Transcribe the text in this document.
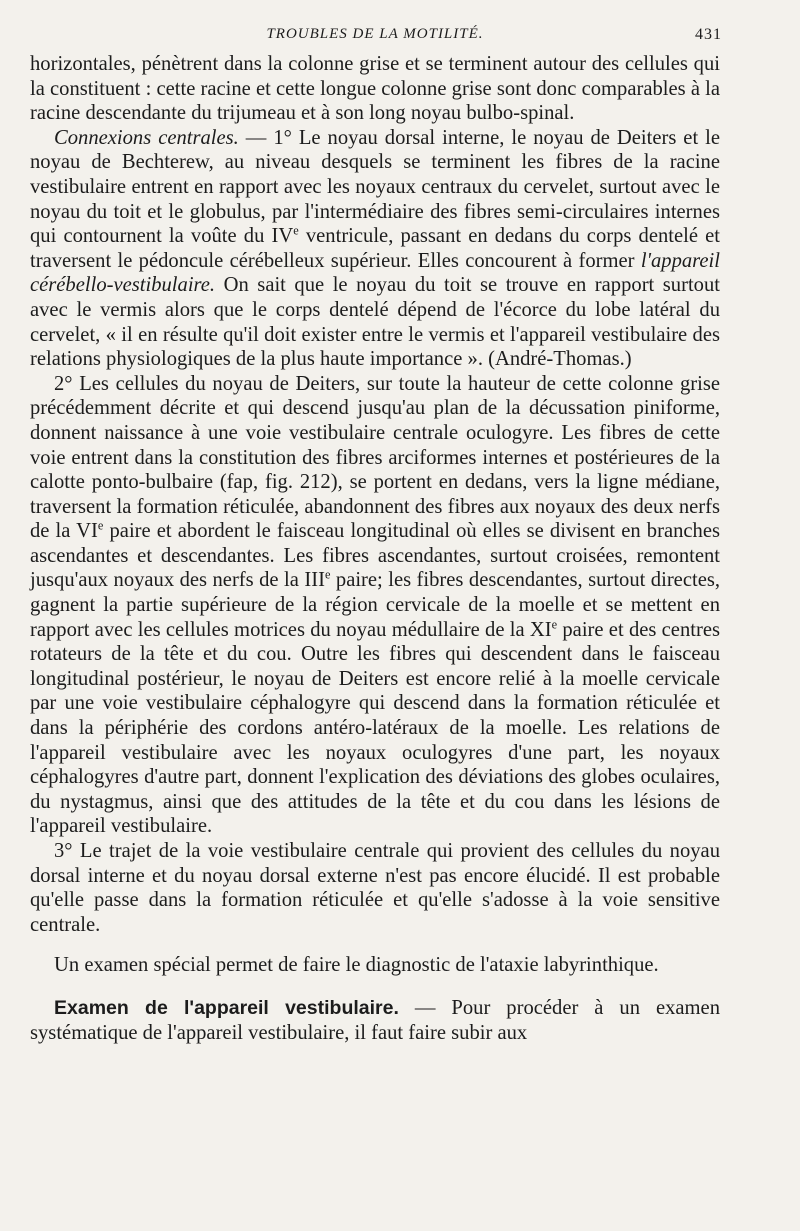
TROUBLES DE LA MOTILITÉ.	431

horizontales, pénètrent dans la colonne grise et se terminent autour des cellules qui la constituent : cette racine et cette longue colonne grise sont donc comparables à la racine descendante du trijumeau et à son long noyau bulbo-spinal.

Connexions centrales. — 1° Le noyau dorsal interne, le noyau de Deiters et le noyau de Bechterew, au niveau desquels se terminent les fibres de la racine vestibulaire entrent en rapport avec les noyaux centraux du cervelet, surtout avec le noyau du toit et le globulus, par l'intermédiaire des fibres semi-circulaires internes qui contournent la voûte du IVe ventricule, passant en dedans du corps dentelé et traversent le pédoncule cérébelleux supérieur. Elles concourent à former l'appareil cérébello-vestibulaire. On sait que le noyau du toit se trouve en rapport surtout avec le vermis alors que le corps dentelé dépend de l'écorce du lobe latéral du cervelet, « il en résulte qu'il doit exister entre le vermis et l'appareil vestibulaire des relations physiologiques de la plus haute importance ». (André-Thomas.)

2° Les cellules du noyau de Deiters, sur toute la hauteur de cette colonne grise précédemment décrite et qui descend jusqu'au plan de la décussation piniforme, donnent naissance à une voie vestibulaire centrale oculogyre. Les fibres de cette voie entrent dans la constitution des fibres arciformes internes et postérieures de la calotte ponto-bulbaire (fap, fig. 212), se portent en dedans, vers la ligne médiane, traversent la formation réticulée, abandonnent des fibres aux noyaux des deux nerfs de la VIe paire et abordent le faisceau longitudinal où elles se divisent en branches ascendantes et descendantes. Les fibres ascendantes, surtout croisées, remontent jusqu'aux noyaux des nerfs de la IIIe paire; les fibres descendantes, surtout directes, gagnent la partie supérieure de la région cervicale de la moelle et se mettent en rapport avec les cellules motrices du noyau médullaire de la XIe paire et des centres rotateurs de la tête et du cou. Outre les fibres qui descendent dans le faisceau longitudinal postérieur, le noyau de Deiters est encore relié à la moelle cervicale par une voie vestibulaire céphalogyre qui descend dans la formation réticulée et dans la périphérie des cordons antéro-latéraux de la moelle. Les relations de l'appareil vestibulaire avec les noyaux oculogyres d'une part, les noyaux céphalogyres d'autre part, donnent l'explication des déviations des globes oculaires, du nystagmus, ainsi que des attitudes de la tête et du cou dans les lésions de l'appareil vestibulaire.

3° Le trajet de la voie vestibulaire centrale qui provient des cellules du noyau dorsal interne et du noyau dorsal externe n'est pas encore élucidé. Il est probable qu'elle passe dans la formation réticulée et qu'elle s'adosse à la voie sensitive centrale.

Un examen spécial permet de faire le diagnostic de l'ataxie labyrinthique.

Examen de l'appareil vestibulaire. — Pour procéder à un examen systématique de l'appareil vestibulaire, il faut faire subir aux
